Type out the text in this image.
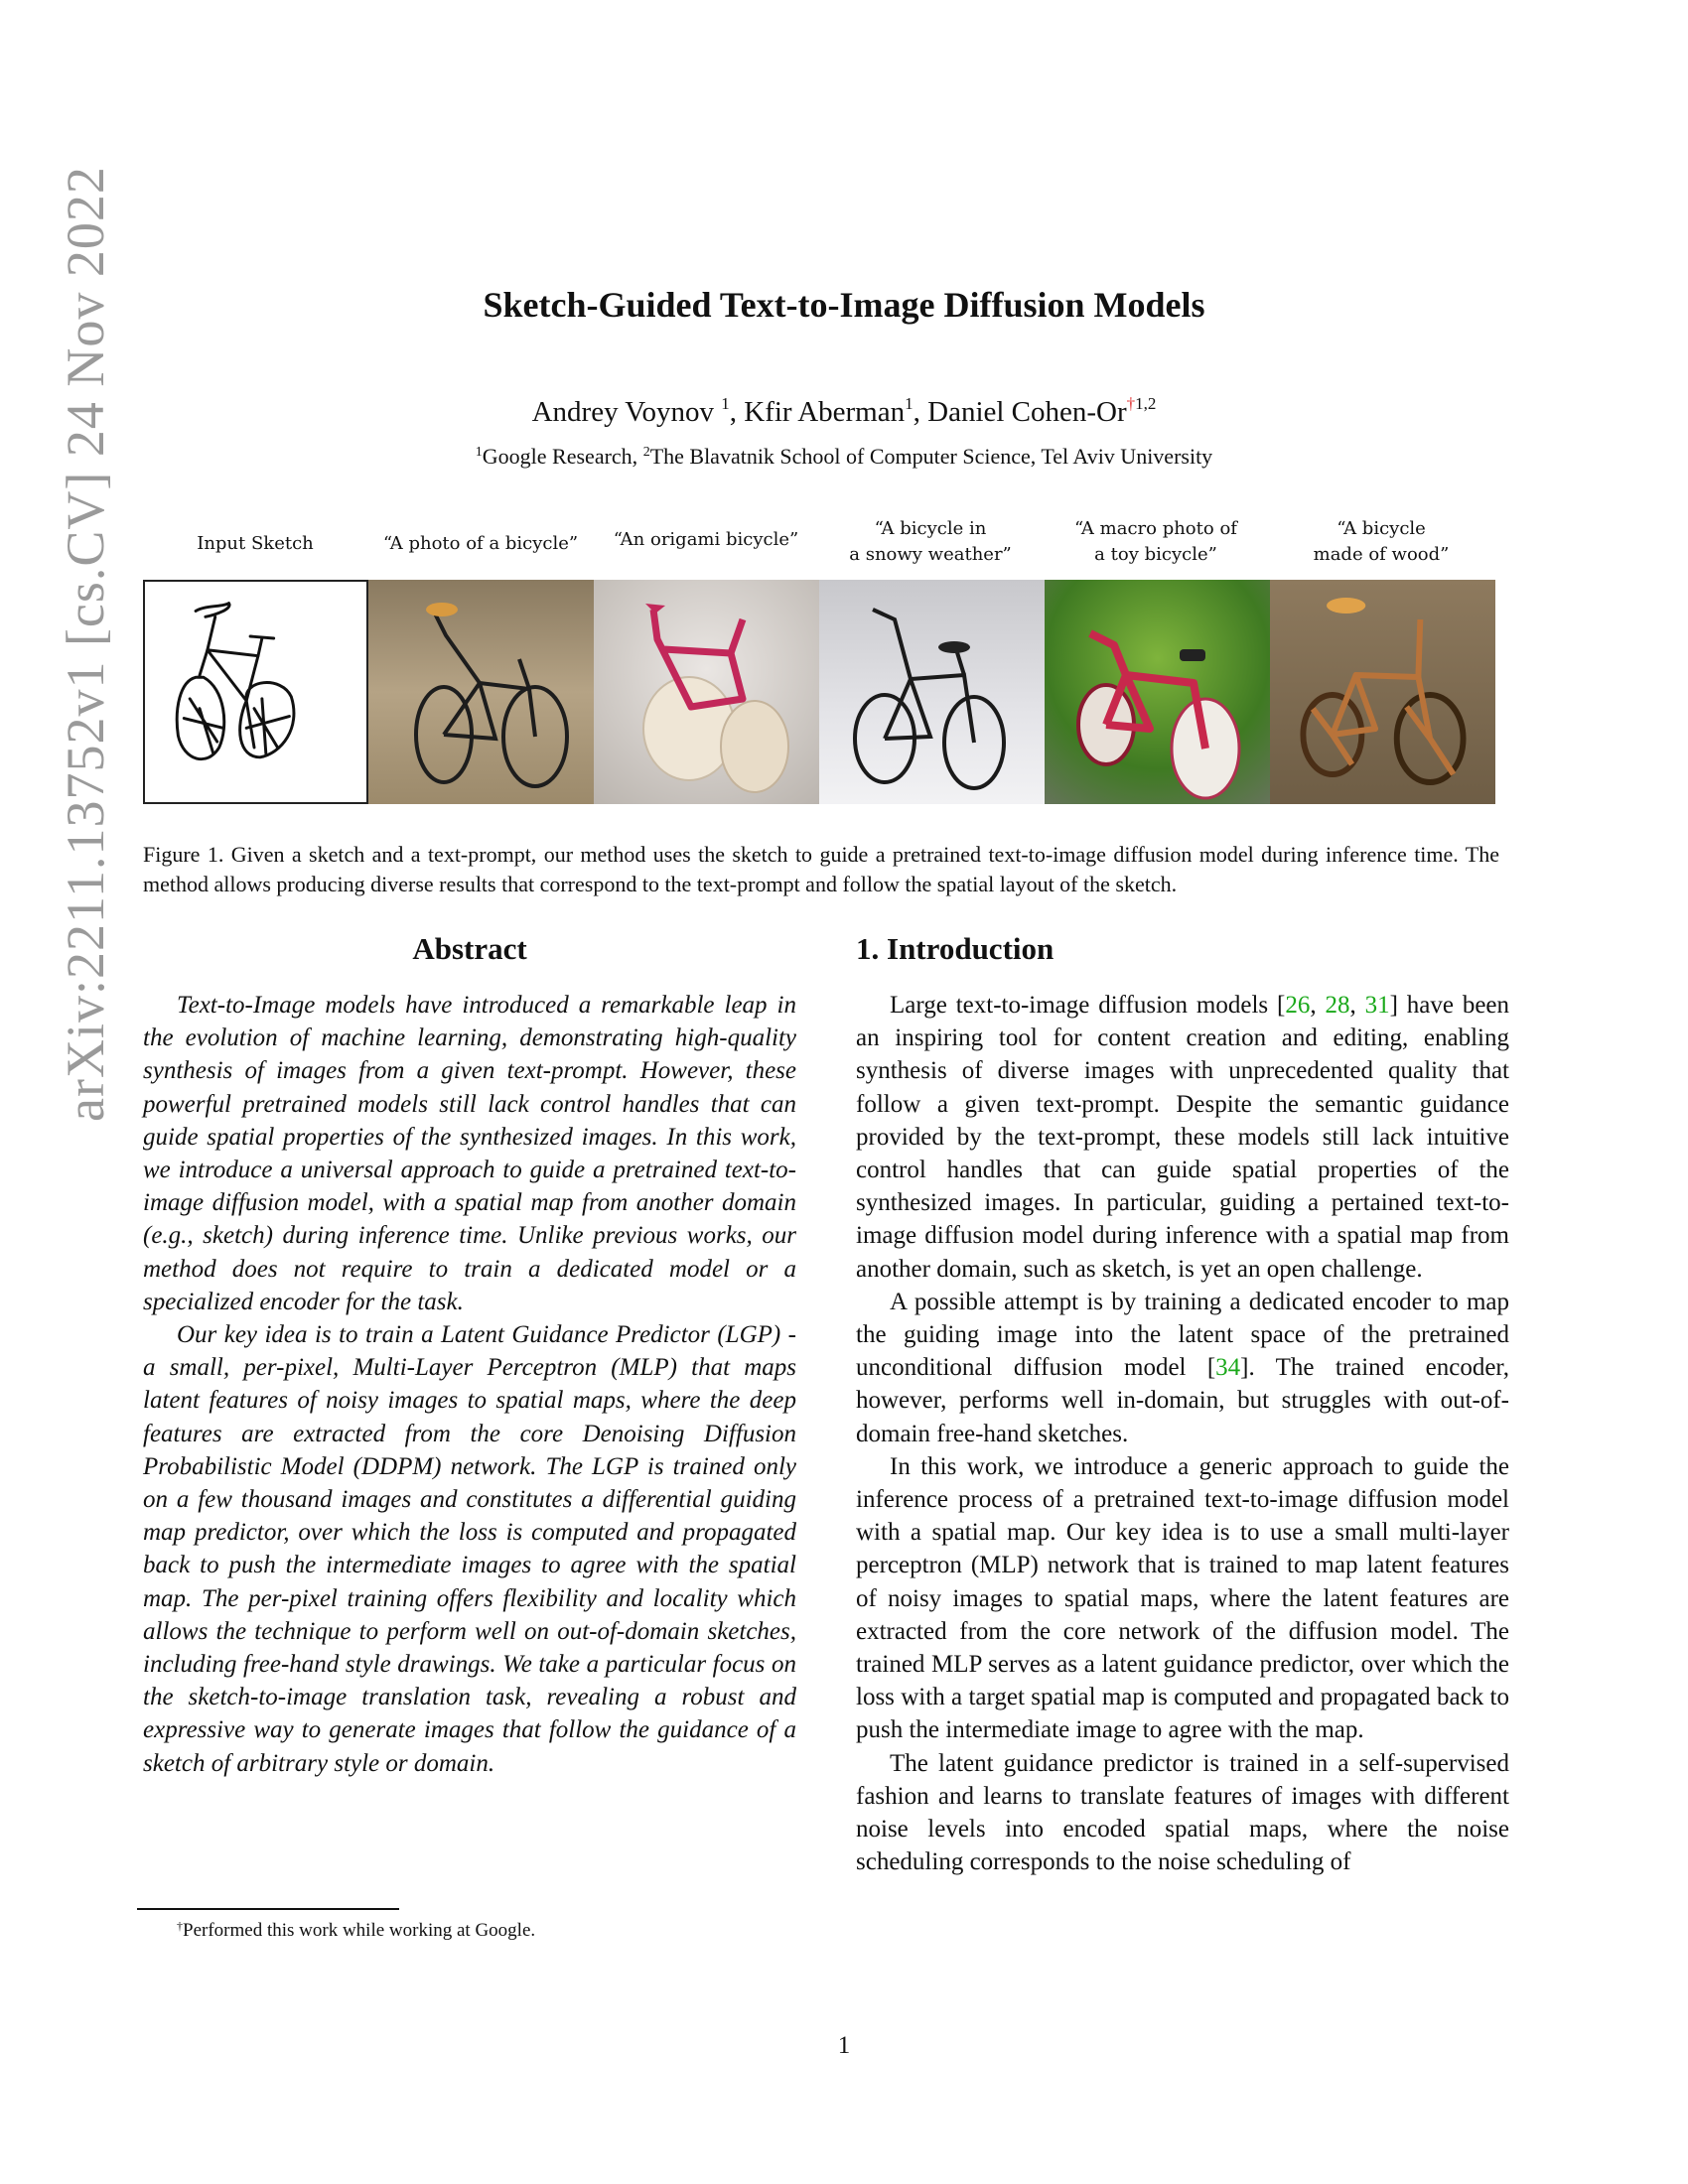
arXiv:2211.13752v1 [cs.CV] 24 Nov 2022	Sketch-Guided Text-to-Image Diffusion Models
Andrey Voynov $^1$, Kfir Aberman$^1$, Daniel Cohen-Or$^{\dagger 1,2}$
$^1$Google Research, $^2$The Blavatnik School of Computer Science, Tel Aviv University
Input Sketch	“A photo of a bicycle”	“An origami bicycle”
“A bicycle in
a snowy weather”
“A macro photo of
a toy bicycle”
“A bicycle
made of wood”
Figure 1. Given a sketch and a text-prompt, our method uses the sketch to guide a pretrained text-to-image diffusion model during inference time. The method allows producing diverse results that correspond to the text-prompt and follow the spatial layout of the sketch.
Abstract

Text-to-Image models have introduced a remarkable leap in the evolution of machine learning, demonstrating high-quality synthesis of images from a given text-prompt. However, these powerful pretrained models still lack control handles that can guide spatial properties of the synthesized images. In this work, we introduce a universal approach to guide a pretrained text-to-image diffusion model, with a spatial map from another domain (e.g., sketch) during inference time. Unlike previous works, our method does not require to train a dedicated model or a specialized encoder for the task.

Our key idea is to train a Latent Guidance Predictor (LGP) - a small, per-pixel, Multi-Layer Perceptron (MLP) that maps latent features of noisy images to spatial maps, where the deep features are extracted from the core Denoising Diffusion Probabilistic Model (DDPM) network. The LGP is trained only on a few thousand images and constitutes a differential guiding map predictor, over which the loss is computed and propagated back to push the intermediate images to agree with the spatial map. The per-pixel training offers flexibility and locality which allows the technique to perform well on out-of-domain sketches, including free-hand style drawings. We take a particular focus on the sketch-to-image translation task, revealing a robust and expressive way to generate images that follow the guidance of a sketch of arbitrary style or domain.

1. Introduction

Large text-to-image diffusion models [26, 28, 31] have been an inspiring tool for content creation and editing, enabling synthesis of diverse images with unprecedented quality that follow a given text-prompt. Despite the semantic guidance provided by the text-prompt, these models still lack intuitive control handles that can guide spatial properties of the synthesized images. In particular, guiding a pertained text-to-image diffusion model during inference with a spatial map from another domain, such as sketch, is yet an open challenge.

A possible attempt is by training a dedicated encoder to map the guiding image into the latent space of the pretrained unconditional diffusion model [34]. The trained encoder, however, performs well in-domain, but struggles with out-of-domain free-hand sketches.

In this work, we introduce a generic approach to guide the inference process of a pretrained text-to-image diffusion model with a spatial map. Our key idea is to use a small multi-layer perceptron (MLP) network that is trained to map latent features of noisy images to spatial maps, where the latent features are extracted from the core network of the diffusion model. The trained MLP serves as a latent guidance predictor, over which the loss with a target spatial map is computed and propagated back to push the intermediate image to agree with the map.

The latent guidance predictor is trained in a self-supervised fashion and learns to translate features of images with different noise levels into encoded spatial maps, where the noise scheduling corresponds to the noise scheduling of

†Performed this work while working at Google.
1
